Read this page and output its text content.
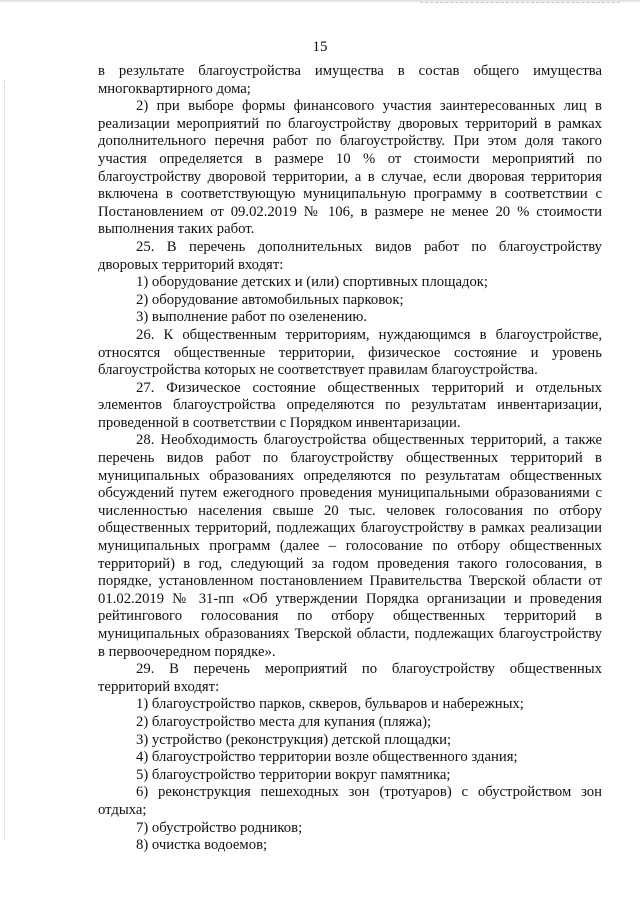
15

в результате благоустройства имущества в состав общего имущества многоквартирного дома;

2) при выборе формы финансового участия заинтересованных лиц в реализации мероприятий по благоустройству дворовых территорий в рамках дополнительного перечня работ по благоустройству. При этом доля такого участия определяется в размере 10 % от стоимости мероприятий по благоустройству дворовой территории, а в случае, если дворовая территория включена в соответствующую муниципальную программу в соответствии с Постановлением от 09.02.2019 № 106, в размере не менее 20 % стоимости выполнения таких работ.

25. В перечень дополнительных видов работ по благоустройству дворовых территорий входят:

1) оборудование детских и (или) спортивных площадок;

2) оборудование автомобильных парковок;

3) выполнение работ по озеленению.

26. К общественным территориям, нуждающимся в благоустройстве, относятся общественные территории, физическое состояние и уровень благоустройства которых не соответствует правилам благоустройства.

27. Физическое состояние общественных территорий и отдельных элементов благоустройства определяются по результатам инвентаризации, проведенной в соответствии с Порядком инвентаризации.

28. Необходимость благоустройства общественных территорий, а также перечень видов работ по благоустройству общественных территорий в муниципальных образованиях определяются по результатам общественных обсуждений путем ежегодного проведения муниципальными образованиями с численностью населения свыше 20 тыс. человек голосования по отбору общественных территорий, подлежащих благоустройству в рамках реализации муниципальных программ (далее – голосование по отбору общественных территорий) в год, следующий за годом проведения такого голосования, в порядке, установленном постановлением Правительства Тверской области от 01.02.2019 № 31-пп «Об утверждении Порядка организации и проведения рейтингового голосования по отбору общественных территорий в муниципальных образованиях Тверской области, подлежащих благоустройству в первоочередном порядке».

29. В перечень мероприятий по благоустройству общественных территорий входят:

1) благоустройство парков, скверов, бульваров и набережных;

2) благоустройство места для купания (пляжа);

3) устройство (реконструкция) детской площадки;

4) благоустройство территории возле общественного здания;

5) благоустройство территории вокруг памятника;

6) реконструкция пешеходных зон (тротуаров) с обустройством зон отдыха;

7) обустройство родников;

8) очистка водоемов;
